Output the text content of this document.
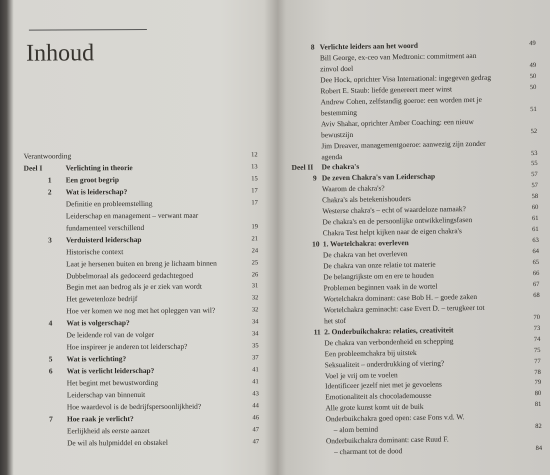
Inhoud
Verantwoording	12
Deel I	Verlichting in theorie	13
1	Een groot begrip	15
2	Wat is leiderschap?	17
Definitie en probleemstelling	17
Leiderschap en management – verwant maar
fundamenteel verschillend	19
3	Verduisterd leiderschap	21
Historische context	24
Laat je hersenen buiten en breng je lichaam binnen	25
Dubbelmoraal als gedoceerd gedachtegoed	26
Begin met aan bedrog als je er ziek van wordt	31
Het gewetenloze bedrijf	32
Hoe ver komen we nog met het opleggen van wil?	32
4	Wat is volgerschap?	34
De leidende rol van de volger	34
Hoe inspireer je anderen tot leiderschap?	35
5	Wat is verlichting?	37
6	Wat is verlicht leiderschap?	41
Het begint met bewustwording	41
Leiderschap van binnenuit	43
Hoe waardevol is de bedrijfspersoonlijkheid?	44
7	Hoe raak je verlicht?	46
Eerlijkheid als eerste aanzet	47
De wil als hulpmiddel en obstakel	47
8 Verlichte leiders aan het woord	49
Bill George, ex-ceo van Medtronic: commitment aan
zinvol doel	49
Dee Hock, oprichter Visa International: ingegeven gedrag	50
Robert E. Staub: liefde genereert meer winst	50
Andrew Cohen, zelfstandig goeroe: een worden met je
bestemming	51
Aviv Shahar, oprichter Amber Coaching: een nieuw
bewustzijn	52
Jim Dreaver, managementgoeroe: aanwezig zijn zonder
agenda	53
Deel II De chakra's	55
9 De zeven Chakra's van Leiderschap	57
Waarom de chakra's?	57
Chakra's als betekenishouders	58
Westerse chakra's – echt of waardeloze namaak?	60
De chakra's en de persoonlijke ontwikkelingsfasen	61
Chakra Test helpt kijken naar de eigen chakra's	61
10 1. Wortelchakra: overleven	63
De chakra van het overleven	64
De chakra van onze relatie tot materie	65
De belangrijkste om en ere te houden	66
Problemen beginnen vaak in de wortel	67
Wortelchakra dominant: case Bob H. – goede zaken	68
Wortelchakra geminacht: case Evert D. – terugkeer tot
het stof	70
11 2. Onderbuikchakra: relaties, creativiteit	73
De chakra van verbondenheid en schepping	74
Een probleemchakra bij uitstek	75
Seksualiteit – onderdrukking of viering?	77
Voel je vrij om te voelen	78
Identificeer jezelf niet met je gevoelens	79
Emotionaliteit als chocolademousse	80
Alle grote kunst komt uit de buik	81
Onderbuikchakra goed open: case Fons v.d. W.
– alom bemind	82
Onderbuikchakra dominant: case Ruud F.
– charmant tot de dood	84
